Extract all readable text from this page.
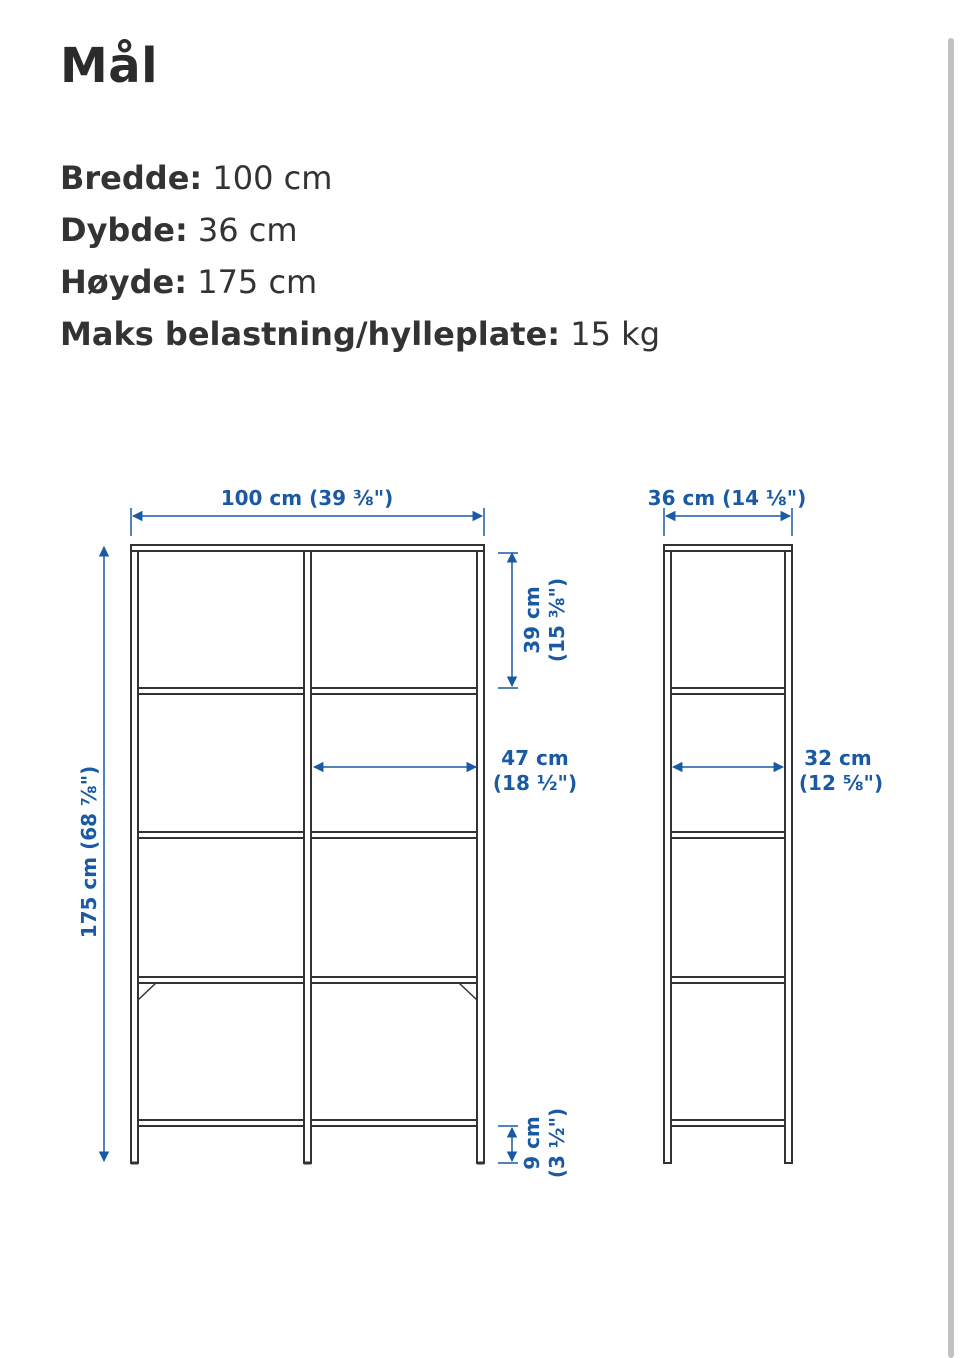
Mål
Bredde: 100 cm
Dybde: 36 cm
Høyde: 175 cm
Maks belastning/hylleplate: 15 kg
100 cm (39 ⅜")
175 cm (68 ⅞")
39 cm (15 ⅜")
47 cm
(18 ½")
9 cm (3 ½")
36 cm (14 ⅛")
32 cm
(12 ⅝")
